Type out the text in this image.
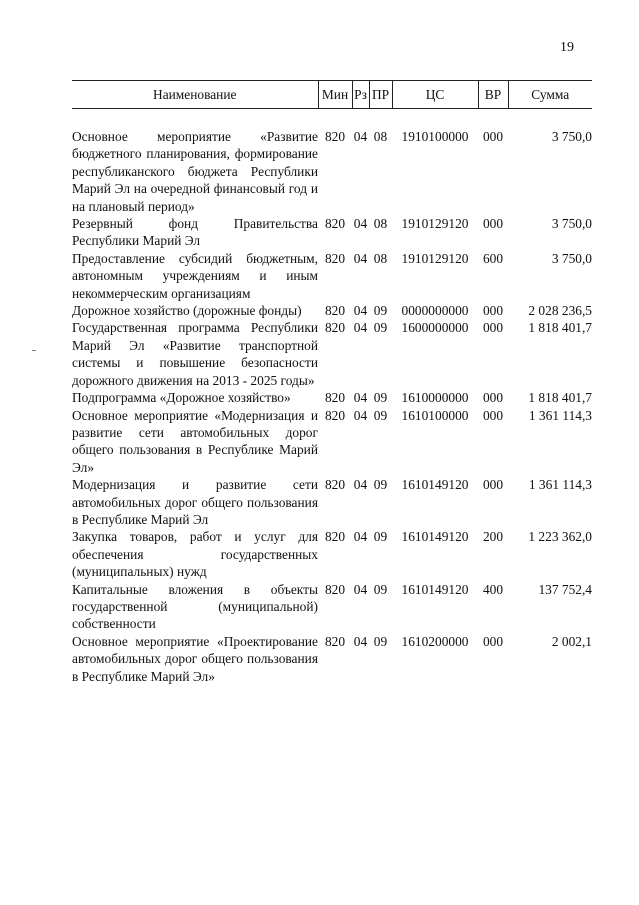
19
Наименование	Мин	Рз	ПР	ЦС	ВР	Сумма

Основное мероприятие «Развитие бюджетного планирования, формирование республиканского бюджета Республики Марий Эл на очередной финансовый год и на плановый период»	820	04	08	1910100000	000	3 750,0
Резервный фонд Правительства Республики Марий Эл	820	04	08	1910129120	000	3 750,0
Предоставление субсидий бюджетным, автономным учреждениям и иным некоммерческим организациям	820	04	08	1910129120	600	3 750,0
Дорожное хозяйство (дорожные фонды)	820	04	09	0000000000	000	2 028 236,5
Государственная программа Республики Марий Эл «Развитие транспортной системы и повышение безопасности дорожного движения на 2013 - 2025 годы»	820	04	09	1600000000	000	1 818 401,7
Подпрограмма «Дорожное хозяйство»	820	04	09	1610000000	000	1 818 401,7
Основное мероприятие «Модернизация и развитие сети автомобильных дорог общего пользования в Республике Марий Эл»	820	04	09	1610100000	000	1 361 114,3
Модернизация и развитие сети автомобильных дорог общего пользования в Республике Марий Эл	820	04	09	1610149120	000	1 361 114,3
Закупка товаров, работ и услуг для обеспечения государственных (муниципальных) нужд	820	04	09	1610149120	200	1 223 362,0
Капитальные вложения в объекты государственной (муниципальной) собственности	820	04	09	1610149120	400	137 752,4
Основное мероприятие «Проектирование автомобильных дорог общего пользования в Республике Марий Эл»	820	04	09	1610200000	000	2 002,1
